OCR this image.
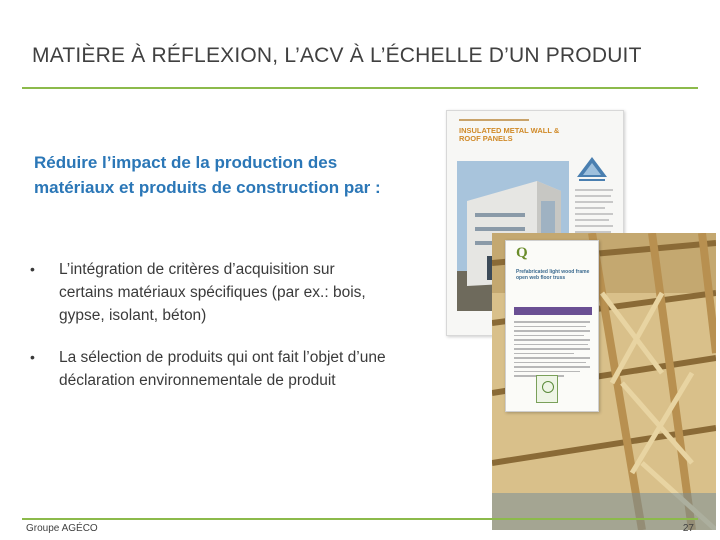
MATIÈRE À RÉFLEXION, L’ACV À L’ÉCHELLE D’UN PRODUIT
Réduire l’impact de la production des matériaux et produits de construction par :
• L’intégration de critères d’acquisition sur certains matériaux spécifiques (par ex.: bois, gypse, isolant, béton)
• La sélection de produits qui ont fait l’objet d’une déclaration environnementale de produit
INSULATED METAL WALL & ROOF PANELS
Q
Prefabricated light wood frame open web floor truss
Groupe AGÉCO	27
